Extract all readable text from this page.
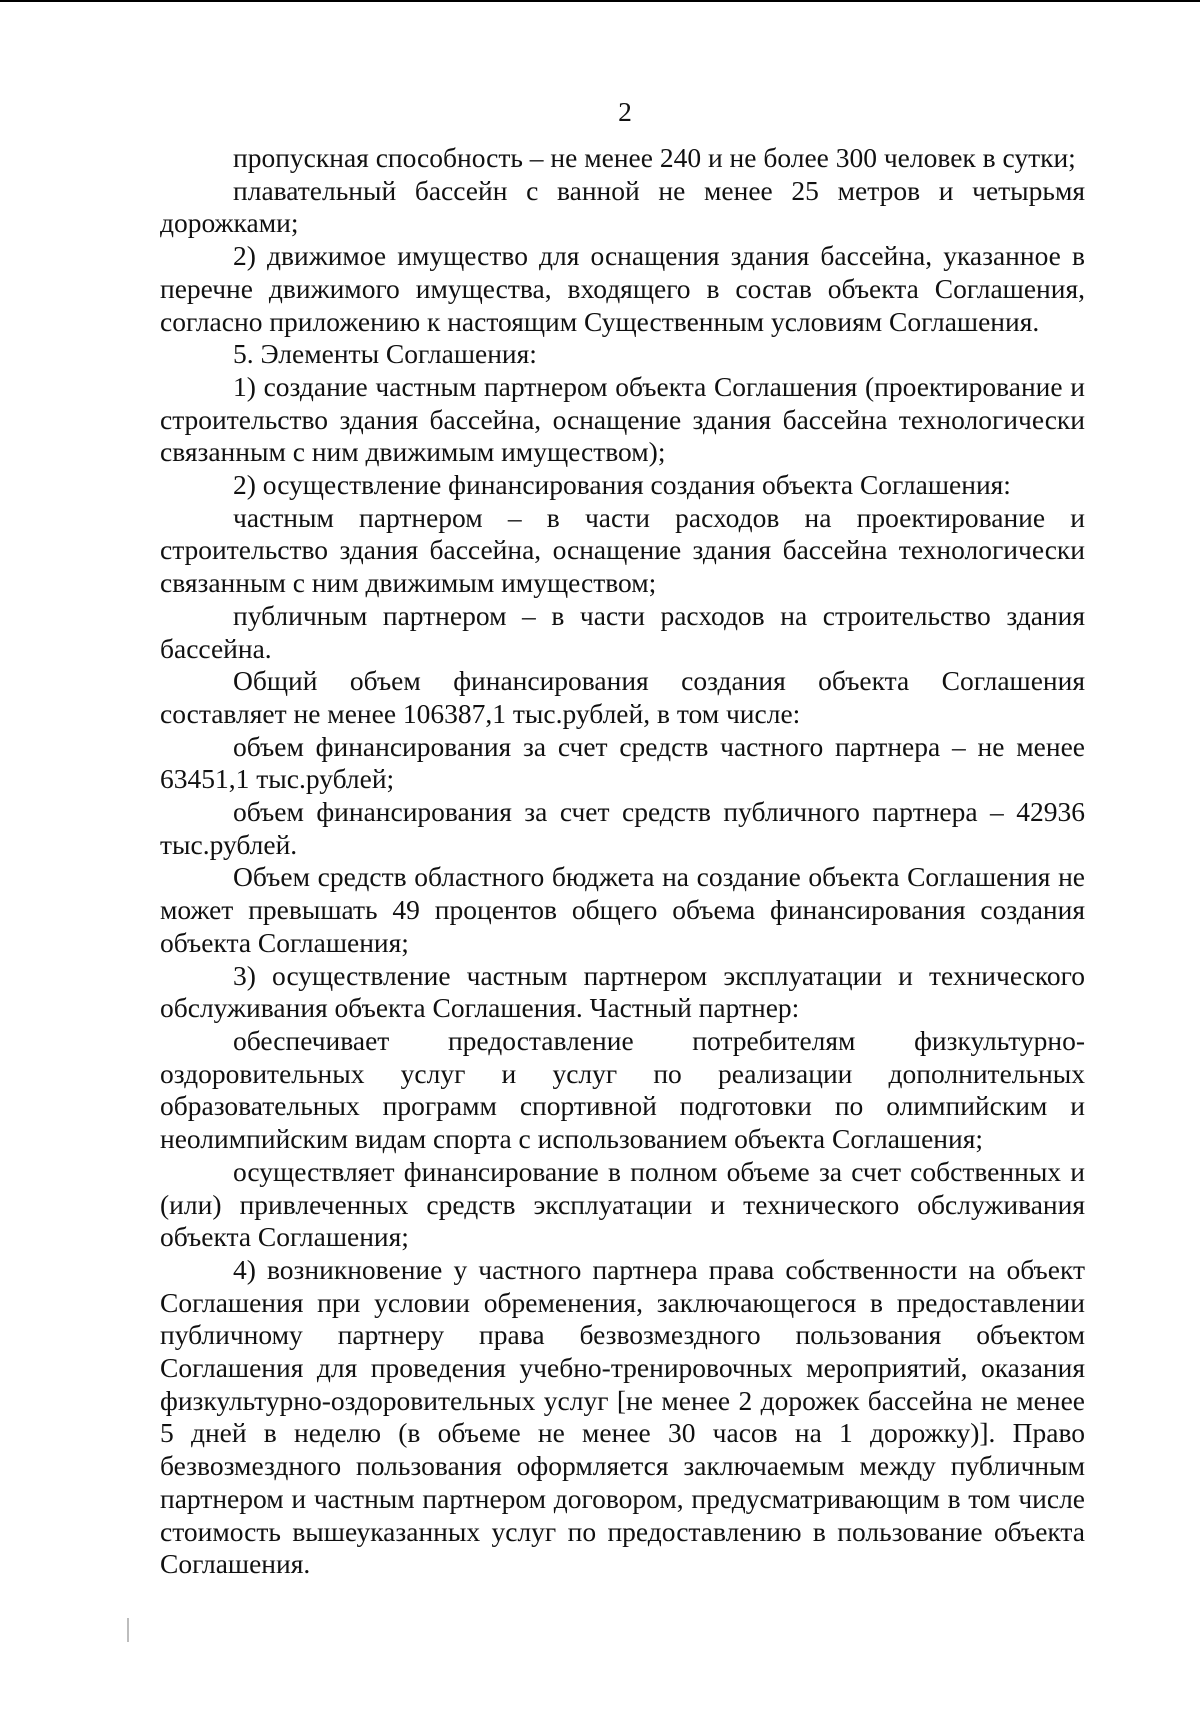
2

пропускная способность – не менее 240 и не более 300 человек в сутки;

плавательный бассейн с ванной не менее 25 метров и четырьмя дорожками;

2) движимое имущество для оснащения здания бассейна, указанное в перечне движимого имущества, входящего в состав объекта Соглашения, согласно приложению к настоящим Существенным условиям Соглашения.

5. Элементы Соглашения:

1) создание частным партнером объекта Соглашения (проектирование и строительство здания бассейна, оснащение здания бассейна технологически связанным с ним движимым имуществом);

2) осуществление финансирования создания объекта Соглашения:

частным партнером – в части расходов на проектирование и строительство здания бассейна, оснащение здания бассейна технологически связанным с ним движимым имуществом;

публичным партнером – в части расходов на строительство здания бассейна.

Общий объем финансирования создания объекта Соглашения составляет не менее 106387,1 тыс.рублей, в том числе:

объем финансирования за счет средств частного партнера – не менее 63451,1 тыс.рублей;

объем финансирования за счет средств публичного партнера – 42936 тыс.рублей.

Объем средств областного бюджета на создание объекта Соглашения не может превышать 49 процентов общего объема финансирования создания объекта Соглашения;

3) осуществление частным партнером эксплуатации и технического обслуживания объекта Соглашения. Частный партнер:

обеспечивает предоставление потребителям физкультурно-оздоровительных услуг и услуг по реализации дополнительных образовательных программ спортивной подготовки по олимпийским и неолимпийским видам спорта с использованием объекта Соглашения;

осуществляет финансирование в полном объеме за счет собственных и (или) привлеченных средств эксплуатации и технического обслуживания объекта Соглашения;

4) возникновение у частного партнера права собственности на объект Соглашения при условии обременения, заключающегося в предоставлении публичному партнеру права безвозмездного пользования объектом Соглашения для проведения учебно-тренировочных мероприятий, оказания физкультурно-оздоровительных услуг [не менее 2 дорожек бассейна не менее 5 дней в неделю (в объеме не менее 30 часов на 1 дорожку)]. Право безвозмездного пользования оформляется заключаемым между публичным партнером и частным партнером договором, предусматривающим в том числе стоимость вышеуказанных услуг по предоставлению в пользование объекта Соглашения.
